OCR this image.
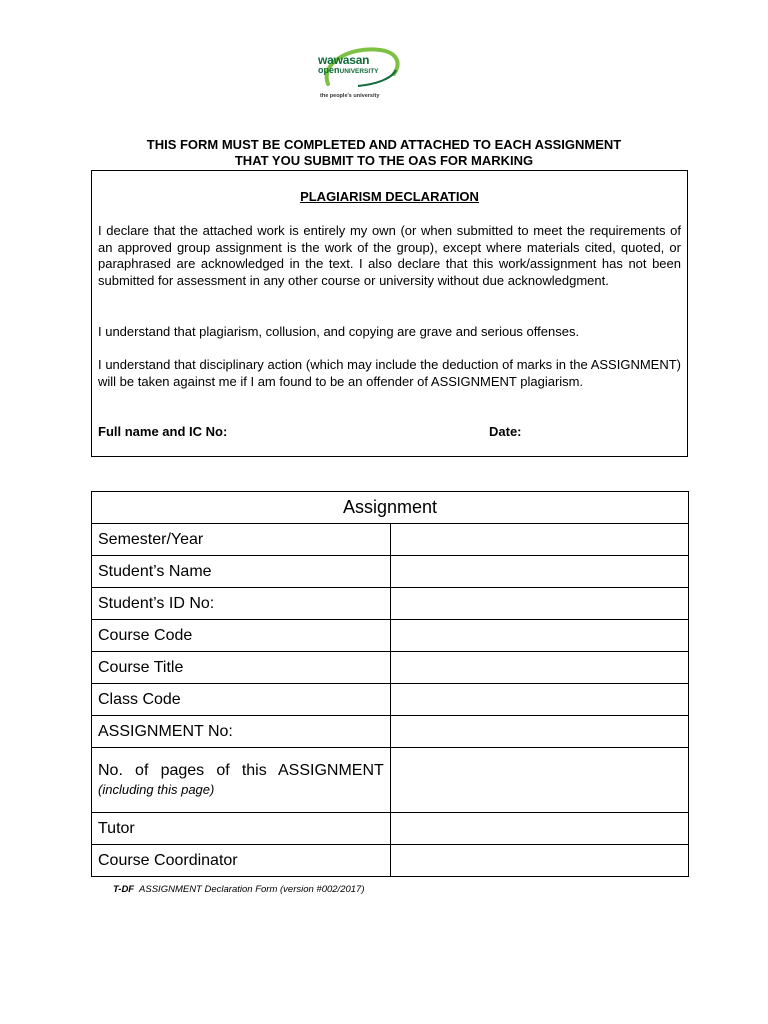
wawasan
openUNIVERSITY
the people's university
THIS FORM MUST BE COMPLETED AND ATTACHED TO EACH ASSIGNMENT
THAT YOU SUBMIT TO THE OAS FOR MARKING
PLAGIARISM DECLARATION
I declare that the attached work is entirely my own (or when submitted to meet the requirements of an approved group assignment is the work of the group), except where materials cited, quoted, or paraphrased are acknowledged in the text. I also declare that this work/assignment has not been submitted for assessment in any other course or university without due acknowledgment.
I understand that plagiarism, collusion, and copying are grave and serious offenses.
I understand that disciplinary action (which may include the deduction of marks in the ASSIGNMENT) will be taken against me if I am found to be an offender of ASSIGNMENT plagiarism.
Full name and IC No:	Date:
Assignment	
Semester/Year	
Student’s Name	
Student’s ID No:	
Course Code	
Course Title	
Class Code	
ASSIGNMENT No:	
No. of pages of this ASSIGNMENT (including this page)	
Tutor	
Course Coordinator	
T-DF ASSIGNMENT Declaration Form (version #002/2017)
